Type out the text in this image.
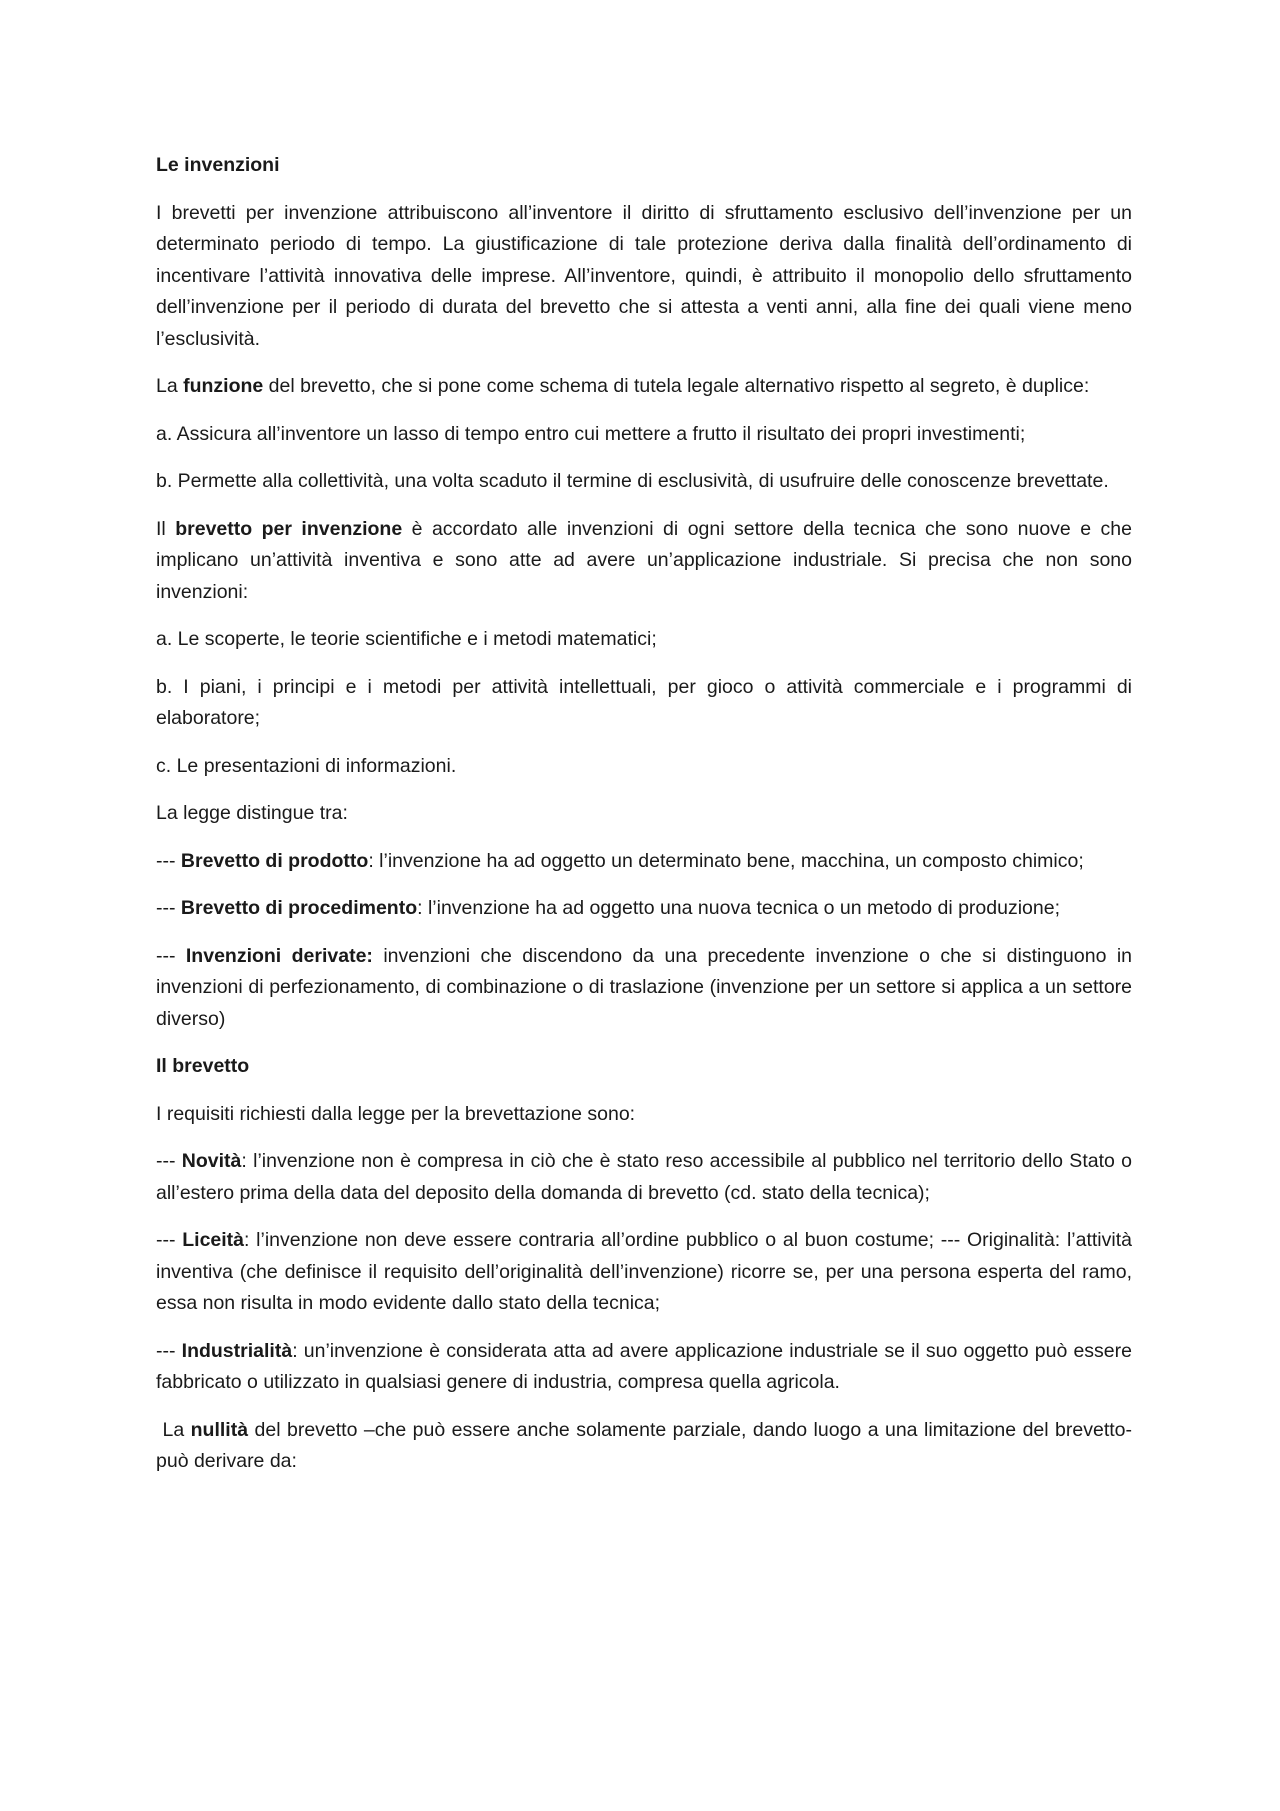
Le invenzioni

I brevetti per invenzione attribuiscono all’inventore il diritto di sfruttamento esclusivo dell’invenzione per un determinato periodo di tempo. La giustificazione di tale protezione deriva dalla finalità dell’ordinamento di incentivare l’attività innovativa delle imprese. All’inventore, quindi, è attribuito il monopolio dello sfruttamento dell’invenzione per il periodo di durata del brevetto che si attesta a venti anni, alla fine dei quali viene meno l’esclusività.

La funzione del brevetto, che si pone come schema di tutela legale alternativo rispetto al segreto, è duplice:

a. Assicura all’inventore un lasso di tempo entro cui mettere a frutto il risultato dei propri investimenti;

b. Permette alla collettività, una volta scaduto il termine di esclusività, di usufruire delle conoscenze brevettate.

Il brevetto per invenzione è accordato alle invenzioni di ogni settore della tecnica che sono nuove e che implicano un’attività inventiva e sono atte ad avere un’applicazione industriale. Si precisa che non sono invenzioni:

a. Le scoperte, le teorie scientifiche e i metodi matematici;

b. I piani, i principi e i metodi per attività intellettuali, per gioco o attività commerciale e i programmi di elaboratore;

c. Le presentazioni di informazioni.

La legge distingue tra:

--- Brevetto di prodotto: l’invenzione ha ad oggetto un determinato bene, macchina, un composto chimico;

--- Brevetto di procedimento: l’invenzione ha ad oggetto una nuova tecnica o un metodo di produzione;

--- Invenzioni derivate: invenzioni che discendono da una precedente invenzione o che si distinguono in invenzioni di perfezionamento, di combinazione o di traslazione (invenzione per un settore si applica a un settore diverso)

Il brevetto

I requisiti richiesti dalla legge per la brevettazione sono:

--- Novità: l’invenzione non è compresa in ciò che è stato reso accessibile al pubblico nel territorio dello Stato o all’estero prima della data del deposito della domanda di brevetto (cd. stato della tecnica);

--- Liceità: l’invenzione non deve essere contraria all’ordine pubblico o al buon costume; --- Originalità: l’attività inventiva (che definisce il requisito dell’originalità dell’invenzione) ricorre se, per una persona esperta del ramo, essa non risulta in modo evidente dallo stato della tecnica;

--- Industrialità: un’invenzione è considerata atta ad avere applicazione industriale se il suo oggetto può essere fabbricato o utilizzato in qualsiasi genere di industria, compresa quella agricola.

La nullità del brevetto –che può essere anche solamente parziale, dando luogo a una limitazione del brevetto- può derivare da:
